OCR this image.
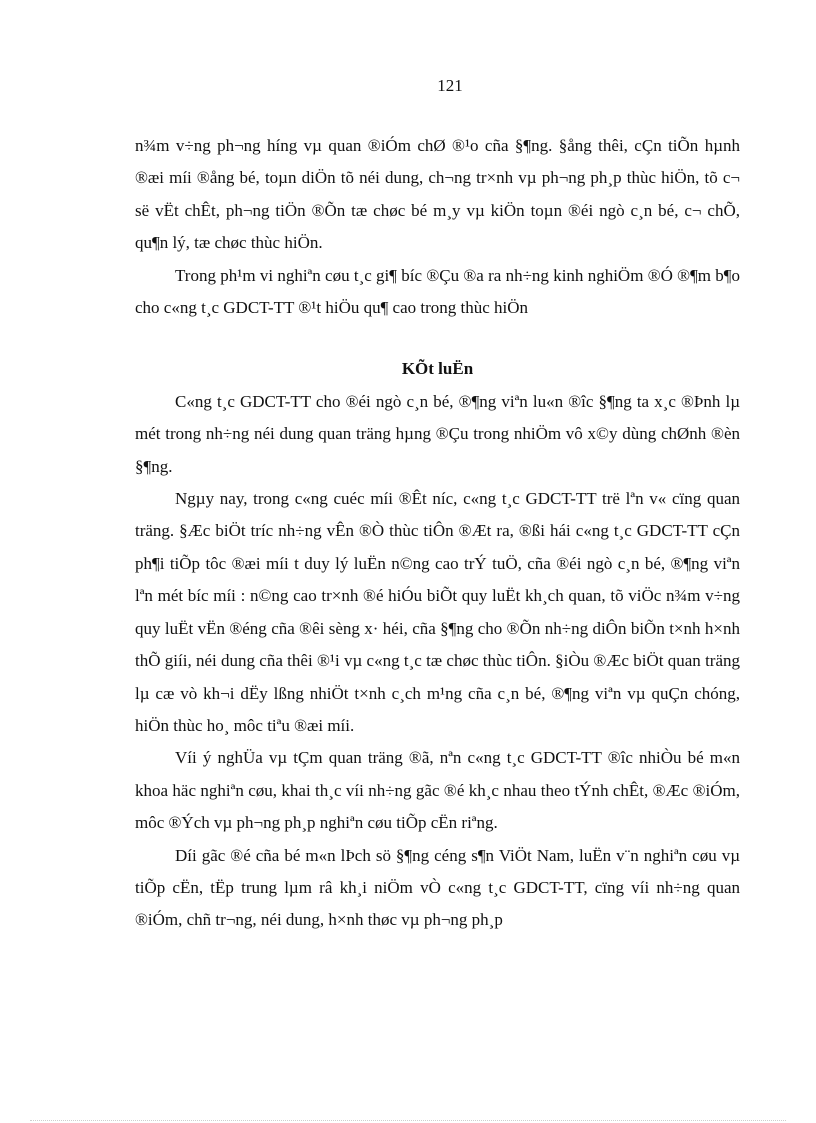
121

n¾m v÷ng ph¬ng híng vµ quan ®iÓm chØ ®¹o cña §¶ng. §ång thêi, cÇn tiÕn hµnh ®æi míi ®ång bé, toµn diÖn tõ néi dung, ch¬ng tr×nh vµ ph¬ng ph¸p thùc hiÖn, tõ c¬ së vËt chÊt, ph¬ng tiÖn ®Õn tæ chøc bé m¸y vµ kiÖn toµn ®éi ngò c¸n bé, c¬ chÕ, qu¶n lý, tæ chøc thùc hiÖn.

Trong ph¹m vi nghiªn cøu t¸c gi¶ bíc ®Çu ®a ra nh÷ng kinh nghiÖm ®Ó ®¶m b¶o cho c«ng t¸c GDCT-TT ®¹t hiÖu qu¶ cao trong thùc hiÖn

KÕt luËn

C«ng t¸c GDCT-TT cho ®éi ngò c¸n bé, ®¶ng viªn lu«n ®îc §¶ng ta x¸c ®Þnh lµ mét trong nh÷ng néi dung quan träng hµng ®Çu trong nhiÖm vô x©y dùng chØnh ®èn §¶ng.

Ngµy nay, trong c«ng cuéc míi ®Êt níc, c«ng t¸c GDCT-TT trë lªn v« cïng quan träng. §Æc biÖt tríc nh÷ng vÊn ®Ò thùc tiÔn ®Æt ra, ®ßi hái c«ng t¸c GDCT-TT cÇn ph¶i tiÕp tôc ®æi míi t duy lý luËn n©ng cao trÝ tuÖ, cña ®éi ngò c¸n bé, ®¶ng viªn lªn mét bíc míi : n©ng cao tr×nh ®é hiÓu biÕt quy luËt kh¸ch quan, tõ viÖc n¾m v÷ng quy luËt vËn ®éng cña ®êi sèng x· héi, cña §¶ng cho ®Õn nh÷ng diÔn biÕn t×nh h×nh thÕ giíi, néi dung cña thêi ®¹i vµ c«ng t¸c tæ chøc thùc tiÔn. §iÒu ®Æc biÖt quan träng lµ cæ vò kh¬i dËy lßng nhiÖt t×nh c¸ch m¹ng cña c¸n bé, ®¶ng viªn vµ quÇn chóng, hiÖn thùc ho¸ môc tiªu ®æi míi.

Víi ý nghÜa vµ tÇm quan träng ®ã, nªn c«ng t¸c GDCT-TT ®îc nhiÒu bé m«n khoa häc nghiªn cøu, khai th¸c víi nh÷ng gãc ®é kh¸c nhau theo tÝnh chÊt, ®Æc ®iÓm, môc ®Ých vµ ph¬ng ph¸p nghiªn cøu tiÕp cËn riªng.

Díi gãc ®é cña bé m«n lÞch sö §¶ng céng s¶n ViÖt Nam, luËn v¨n nghiªn cøu vµ tiÕp cËn, tËp trung lµm râ kh¸i niÖm vÒ c«ng t¸c GDCT-TT, cïng víi nh÷ng quan ®iÓm, chñ tr¬ng, néi dung, h×nh thøc vµ ph¬ng ph¸p
